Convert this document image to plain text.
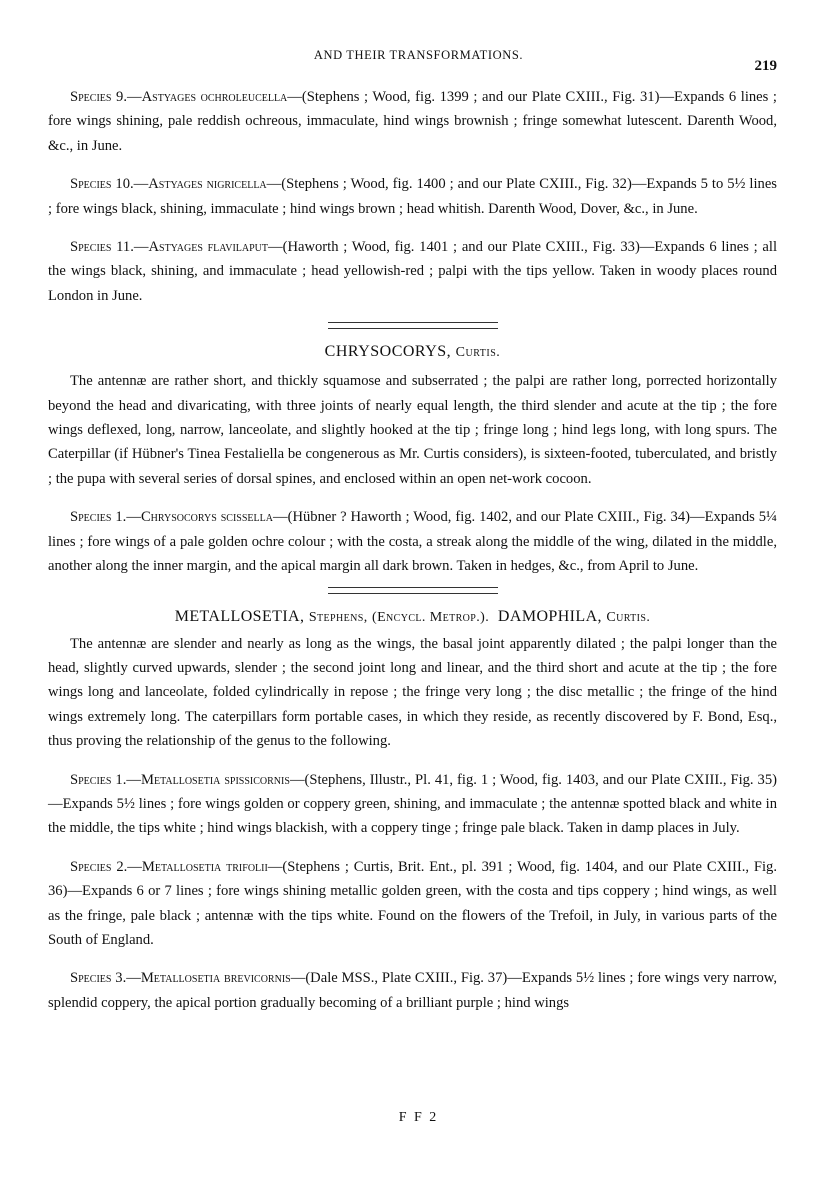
AND THEIR TRANSFORMATIONS.
219

Species 9.—Astyages ochroleucella—(Stephens ; Wood, fig. 1399 ; and our Plate CXIII., Fig. 31)—Expands 6 lines ; fore wings shining, pale reddish ochreous, immaculate, hind wings brownish ; fringe somewhat lutescent. Darenth Wood, &c., in June.

Species 10.—Astyages nigricella—(Stephens ; Wood, fig. 1400 ; and our Plate CXIII., Fig. 32)—Expands 5 to 5½ lines ; fore wings black, shining, immaculate ; hind wings brown ; head whitish. Darenth Wood, Dover, &c., in June.

Species 11.—Astyages flavilaput—(Haworth ; Wood, fig. 1401 ; and our Plate CXIII., Fig. 33)—Expands 6 lines ; all the wings black, shining, and immaculate ; head yellowish-red ; palpi with the tips yellow. Taken in woody places round London in June.

CHRYSOCORYS, Curtis.

The antennæ are rather short, and thickly squamose and subserrated ; the palpi are rather long, porrected horizontally beyond the head and divaricating, with three joints of nearly equal length, the third slender and acute at the tip ; the fore wings deflexed, long, narrow, lanceolate, and slightly hooked at the tip ; fringe long ; hind legs long, with long spurs. The Caterpillar (if Hübner's Tinea Festaliella be congenerous as Mr. Curtis considers), is sixteen-footed, tuberculated, and bristly ; the pupa with several series of dorsal spines, and enclosed within an open net-work cocoon.

Species 1.—Chrysocorys scissella—(Hübner ? Haworth ; Wood, fig. 1402, and our Plate CXIII., Fig. 34)—Expands 5¼ lines ; fore wings of a pale golden ochre colour ; with the costa, a streak along the middle of the wing, dilated in the middle, another along the inner margin, and the apical margin all dark brown. Taken in hedges, &c., from April to June.

METALLOSETIA, Stephens, (Encycl. Metrop.). DAMOPHILA, Curtis.

The antennæ are slender and nearly as long as the wings, the basal joint apparently dilated ; the palpi longer than the head, slightly curved upwards, slender ; the second joint long and linear, and the third short and acute at the tip ; the fore wings long and lanceolate, folded cylindrically in repose ; the fringe very long ; the disc metallic ; the fringe of the hind wings extremely long. The caterpillars form portable cases, in which they reside, as recently discovered by F. Bond, Esq., thus proving the relationship of the genus to the following.

Species 1.—Metallosetia spissicornis—(Stephens, Illustr., Pl. 41, fig. 1 ; Wood, fig. 1403, and our Plate CXIII., Fig. 35)—Expands 5½ lines ; fore wings golden or coppery green, shining, and immaculate ; the antennæ spotted black and white in the middle, the tips white ; hind wings blackish, with a coppery tinge ; fringe pale black. Taken in damp places in July.

Species 2.—Metallosetia trifolii—(Stephens ; Curtis, Brit. Ent., pl. 391 ; Wood, fig. 1404, and our Plate CXIII., Fig. 36)—Expands 6 or 7 lines ; fore wings shining metallic golden green, with the costa and tips coppery ; hind wings, as well as the fringe, pale black ; antennæ with the tips white. Found on the flowers of the Trefoil, in July, in various parts of the South of England.

Species 3.—Metallosetia brevicornis—(Dale MSS., Plate CXIII., Fig. 37)—Expands 5½ lines ; fore wings very narrow, splendid coppery, the apical portion gradually becoming of a brilliant purple ; hind wings

F F 2
